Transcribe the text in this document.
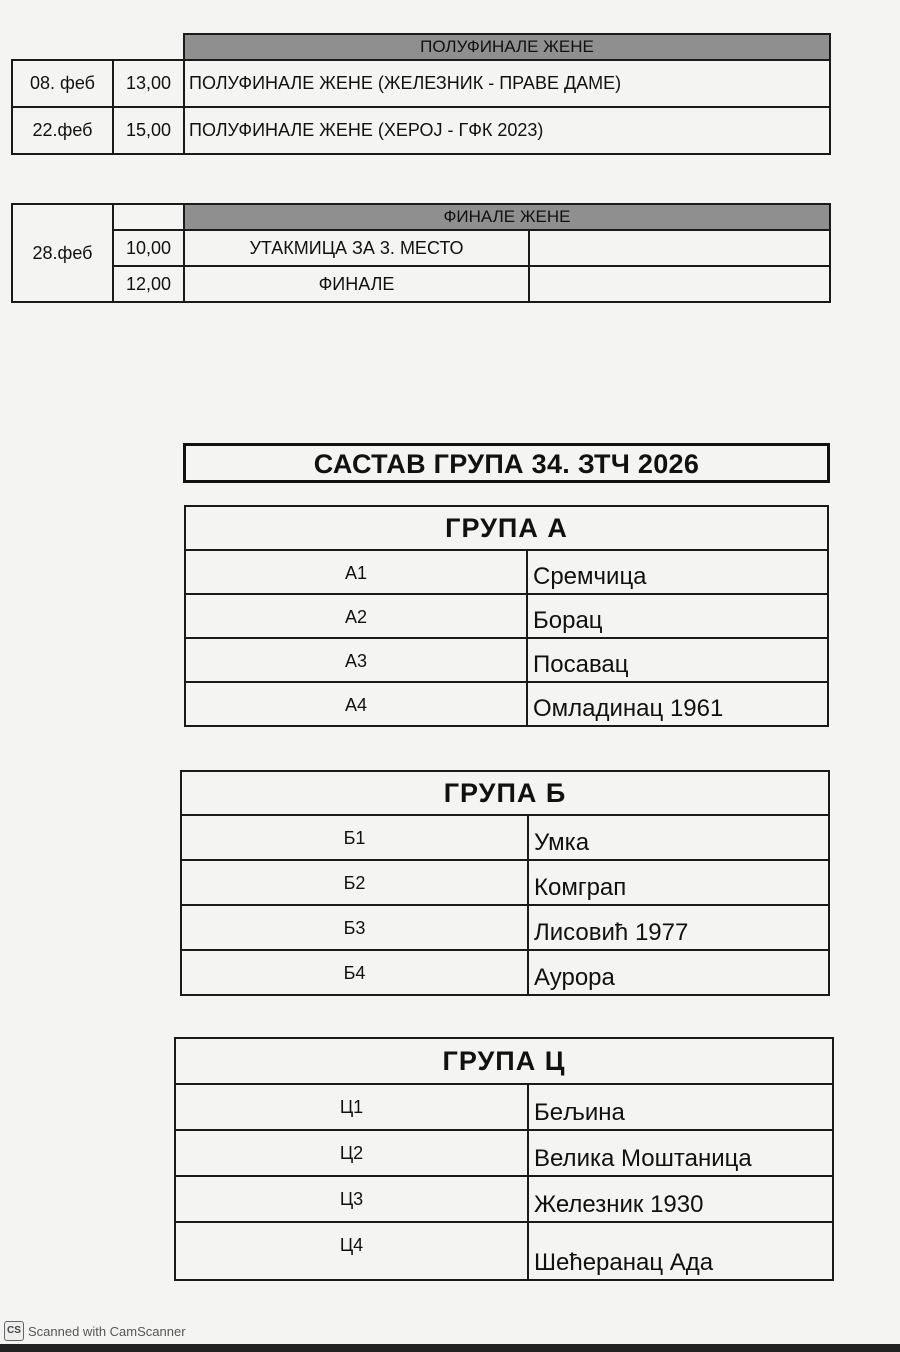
		ПОЛУФИНАЛЕ ЖЕНЕ
08. феб	13,00	ПОЛУФИНАЛЕ ЖЕНЕ (ЖЕЛЕЗНИК - ПРАВЕ ДАМЕ)
22.феб	15,00	ПОЛУФИНАЛЕ ЖЕНЕ (ХЕРОЈ - ГФК 2023)
28.феб		ФИНАЛЕ ЖЕНЕ	
	10,00	УТАКМИЦА ЗА 3. МЕСТО	
	12,00	ФИНАЛЕ	
САСТАВ ГРУПА 34. ЗТЧ 2026
ГРУПА А	
А1	Сремчица
А2	Борац
А3	Посавац
А4	Омладинац 1961
ГРУПА Б	
Б1	Умка
Б2	Комграп
Б3	Лисовић 1977
Б4	Аурора
ГРУПА Ц	
Ц1	Бељина
Ц2	Велика Моштаница
Ц3	Железник 1930
Ц4	Шећеранац Ада
CS Scanned with CamScanner
